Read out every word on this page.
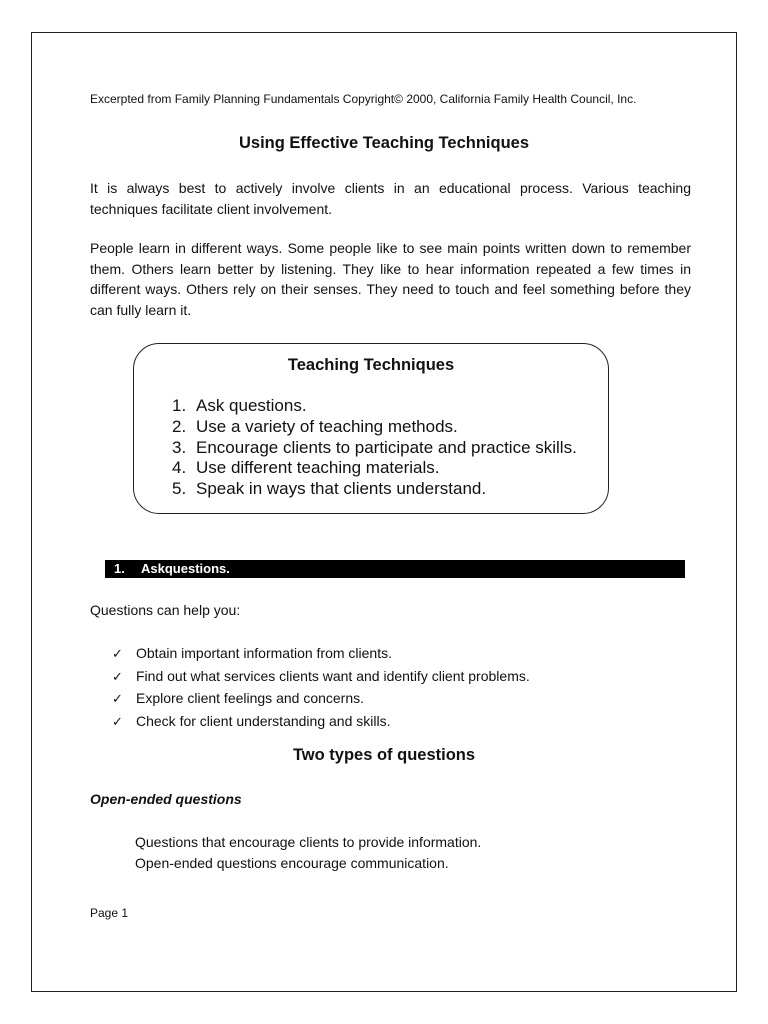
Excerpted from Family Planning Fundamentals Copyright© 2000, California Family Health Council, Inc.
Using Effective Teaching Techniques
It is always best to actively involve clients in an educational process. Various teaching techniques facilitate client involvement.
People learn in different ways. Some people like to see main points written down to remember them. Others learn better by listening. They like to hear information repeated a few times in different ways. Others rely on their senses. They need to touch and feel something before they can fully learn it.
Teaching Techniques
1. Ask questions.
2. Use a variety of teaching methods.
3. Encourage clients to participate and practice skills.
4. Use different teaching materials.
5. Speak in ways that clients understand.
1. Askquestions.
Questions can help you:
✓ Obtain important information from clients.
✓ Find out what services clients want and identify client problems.
✓ Explore client feelings and concerns.
✓ Check for client understanding and skills.
Two types of questions
Open-ended questions
Questions that encourage clients to provide information.
Open-ended questions encourage communication.
Page 1
